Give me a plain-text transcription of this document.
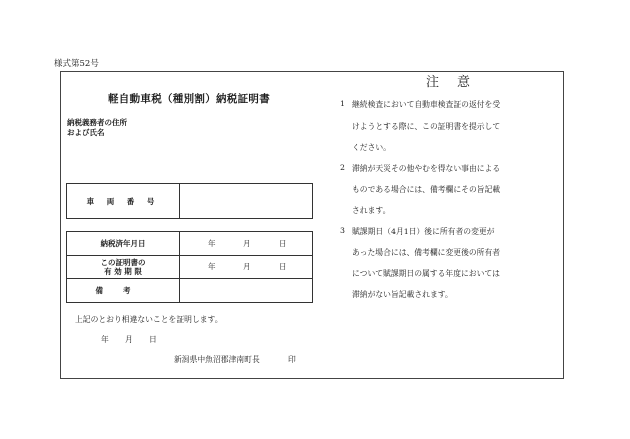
様式第52号
軽自動車税（種別割）納税証明書
納税義務者の住所
および氏名
車 両 番 号	
納税済年月日	年 月 日

この証明書の
有 効 期 限	年 月 日
備考	
上記のとおり相違ないことを証明します。
年 月 日
新潟県中魚沼郡津南町長	印
注意
1 継続検査において自動車検査証の返付を受
けようとする際に、この証明書を提示して
ください。
2 滞納が天災その他やむを得ない事由による
ものである場合には、備考欄にその旨記載
されます。
3 賦課期日（4月1日）後に所有者の変更が
あった場合には、備考欄に変更後の所有者
について賦課期日の属する年度においては
滞納がない旨記載されます。
